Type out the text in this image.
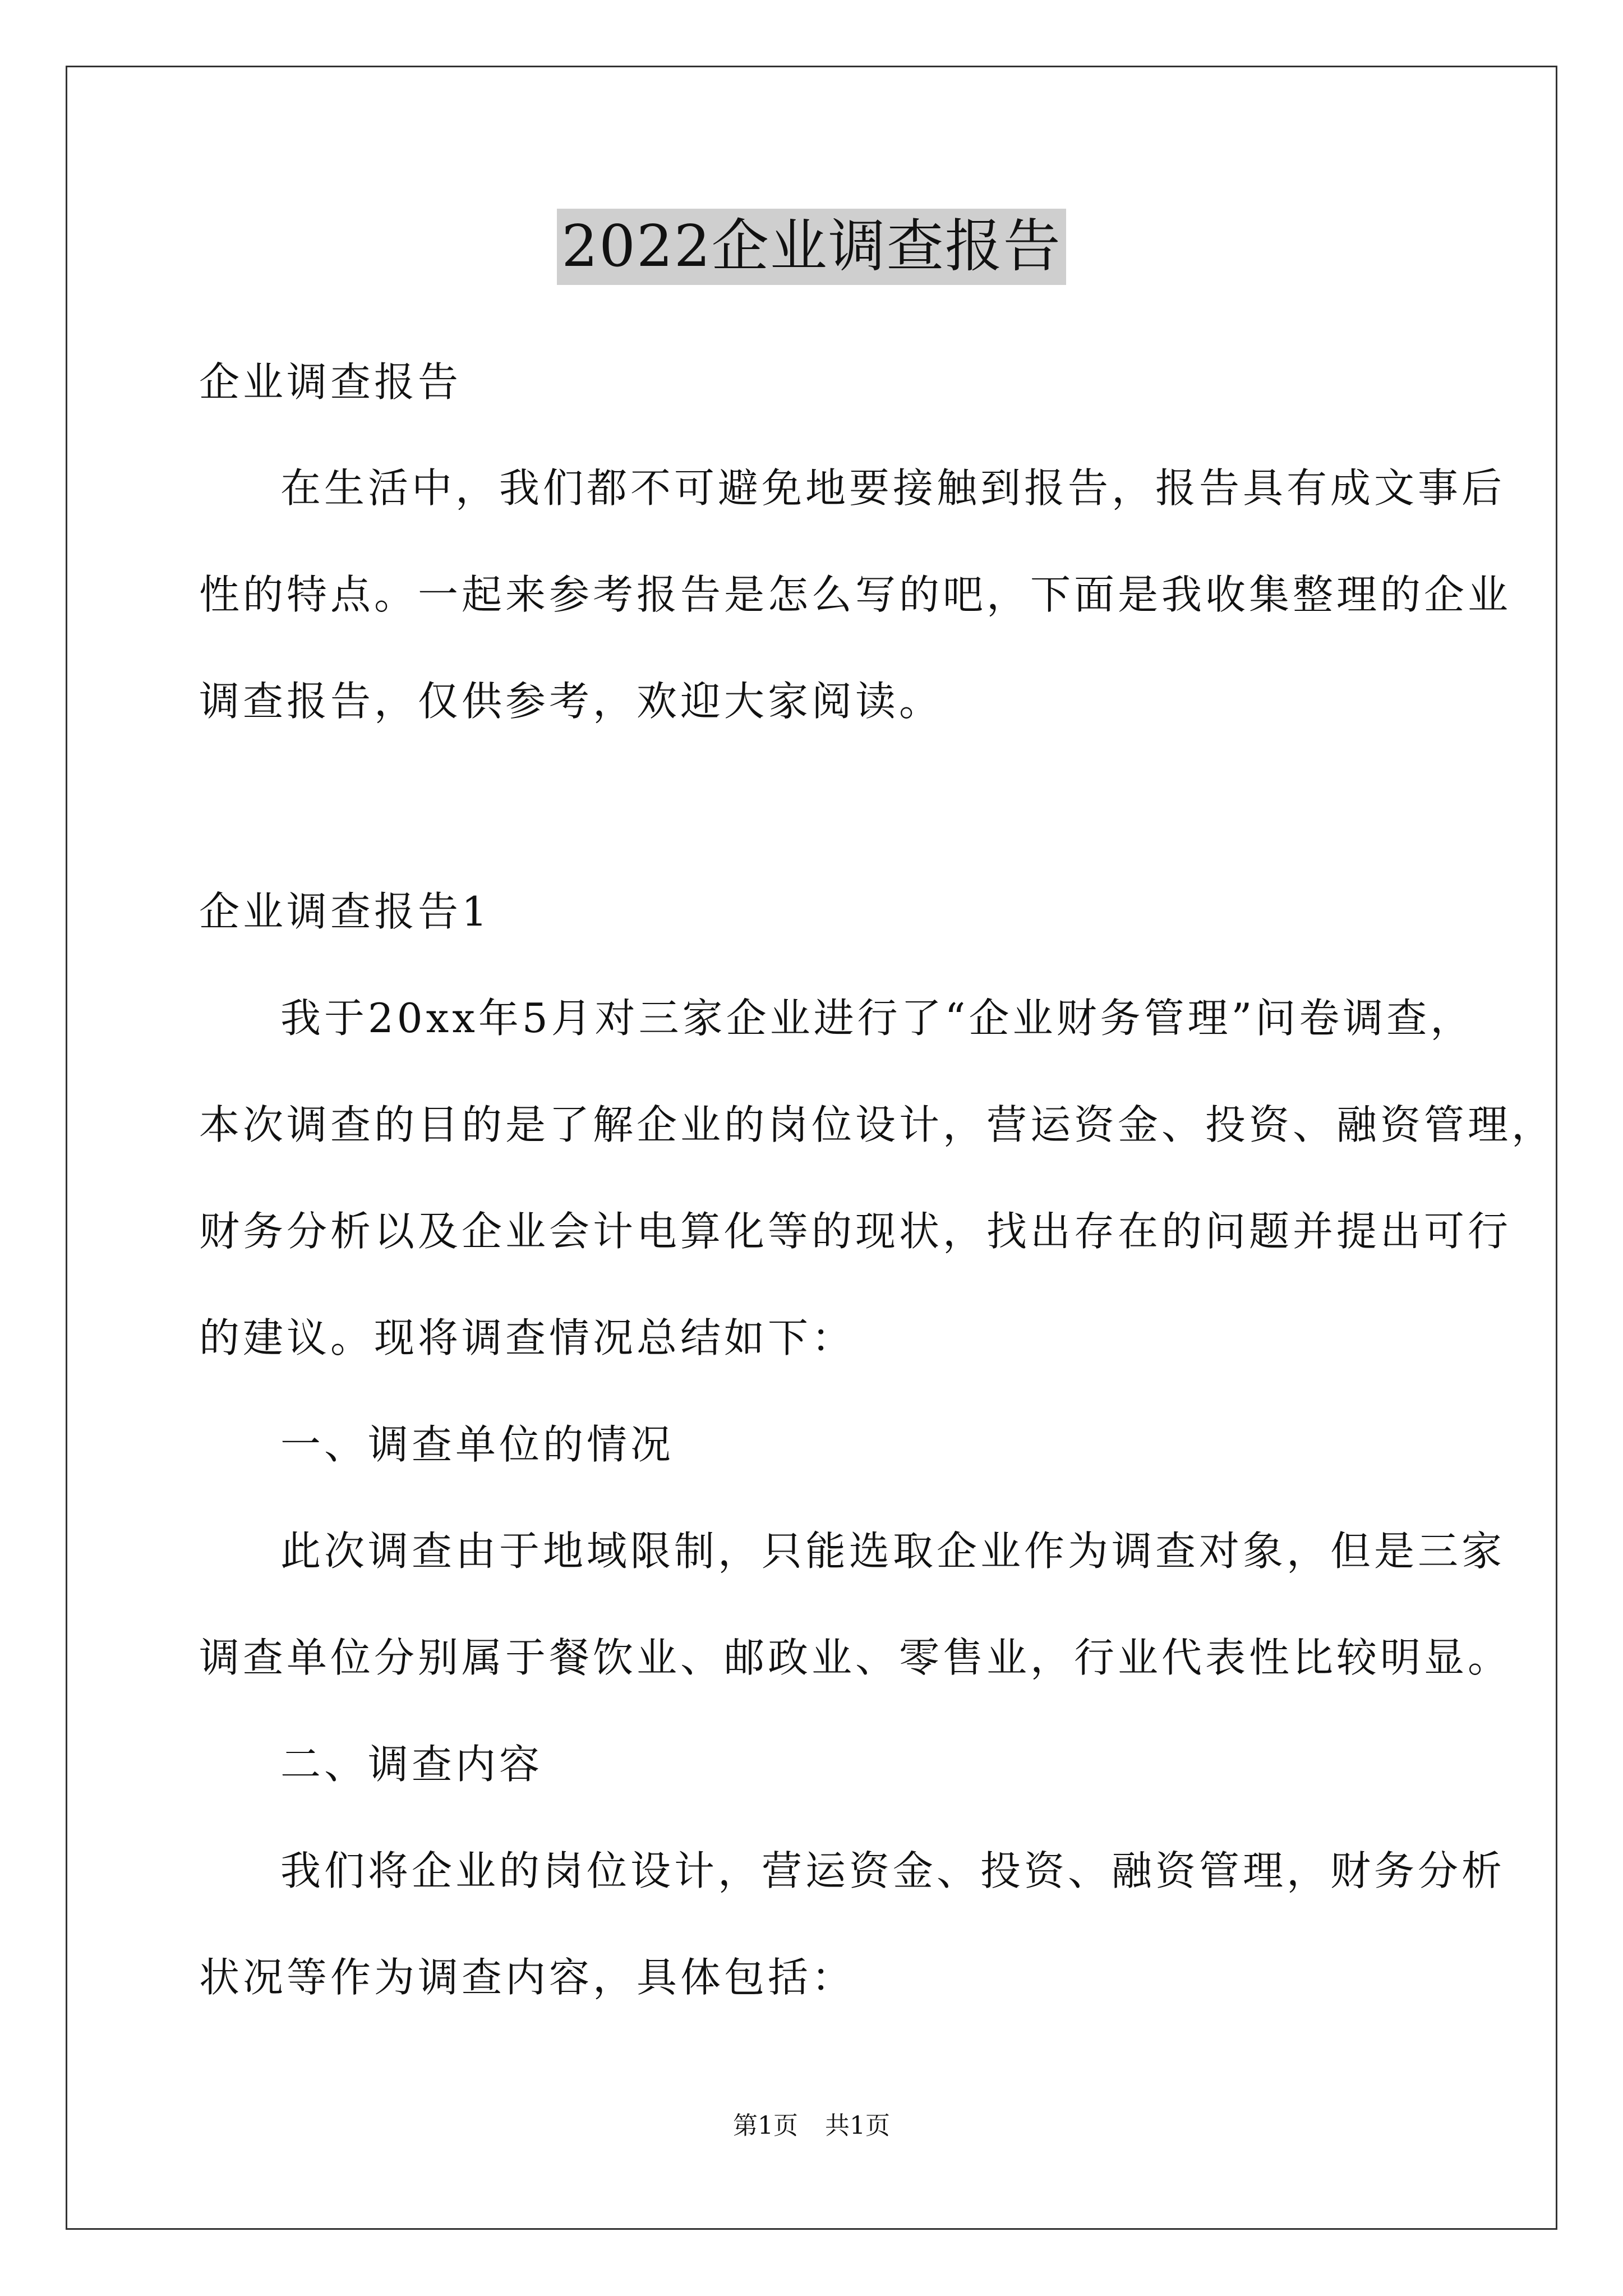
2022企业调查报告
企业调查报告
在生活中，我们都不可避免地要接触到报告，报告具有成文事后
性的特点。一起来参考报告是怎么写的吧，下面是我收集整理的企业
调查报告，仅供参考，欢迎大家阅读。
企业调查报告1
我于20xx年5月对三家企业进行了“企业财务管理”问卷调查，
本次调查的目的是了解企业的岗位设计，营运资金、投资、融资管理，
财务分析以及企业会计电算化等的现状，找出存在的问题并提出可行
的建议。现将调查情况总结如下：
一、调查单位的情况
此次调查由于地域限制，只能选取企业作为调查对象，但是三家
调查单位分别属于餐饮业、邮政业、零售业，行业代表性比较明显。
二、调查内容
我们将企业的岗位设计，营运资金、投资、融资管理，财务分析
状况等作为调查内容，具体包括：
第1页 共1页
